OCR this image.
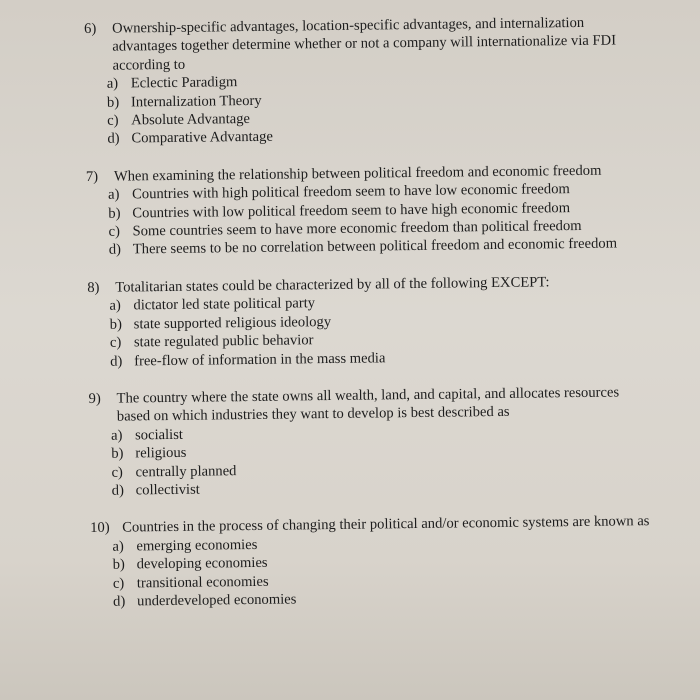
6)	Ownership-specific advantages, location-specific advantages, and internalization advantages together determine whether or not a company will internationalize via FDI according to
a) Eclectic Paradigm
b) Internalization Theory
c) Absolute Advantage
d) Comparative Advantage
7)	When examining the relationship between political freedom and economic freedom
a) Countries with high political freedom seem to have low economic freedom
b) Countries with low political freedom seem to have high economic freedom
c) Some countries seem to have more economic freedom than political freedom
d) There seems to be no correlation between political freedom and economic freedom
8)	Totalitarian states could be characterized by all of the following EXCEPT:
a) dictator led state political party
b) state supported religious ideology
c) state regulated public behavior
d) free-flow of information in the mass media
9)	The country where the state owns all wealth, land, and capital, and allocates resources based on which industries they want to develop is best described as
a) socialist
b) religious
c) centrally planned
d) collectivist
10) Countries in the process of changing their political and/or economic systems are known as
a) emerging economies
b) developing economies
c) transitional economies
d) underdeveloped economies
